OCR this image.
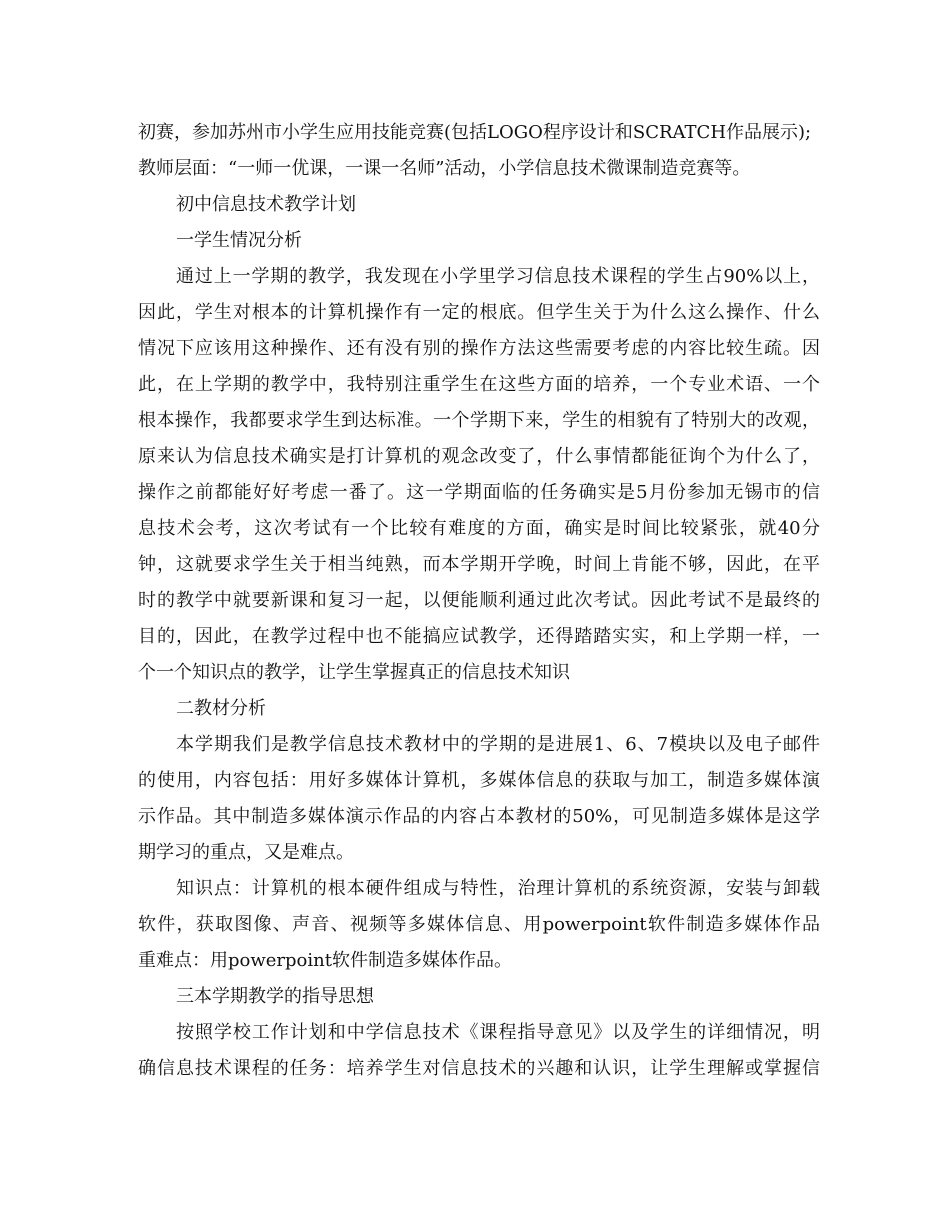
初赛，参加苏州市小学生应用技能竞赛(包括LOGO程序设计和SCRATCH作品展示);
教师层面：“一师一优课，一课一名师”活动，小学信息技术微课制造竞赛等。
初中信息技术教学计划
一学生情况分析
通过上一学期的教学，我发现在小学里学习信息技术课程的学生占90%以上，
因此，学生对根本的计算机操作有一定的根底。但学生关于为什么这么操作、什么
情况下应该用这种操作、还有没有别的操作方法这些需要考虑的内容比较生疏。因
此，在上学期的教学中，我特别注重学生在这些方面的培养，一个专业术语、一个
根本操作，我都要求学生到达标准。一个学期下来，学生的相貌有了特别大的改观，
原来认为信息技术确实是打计算机的观念改变了，什么事情都能征询个为什么了，
操作之前都能好好考虑一番了。这一学期面临的任务确实是5月份参加无锡市的信
息技术会考，这次考试有一个比较有难度的方面，确实是时间比较紧张，就40分
钟，这就要求学生关于相当纯熟，而本学期开学晚，时间上肯能不够，因此，在平
时的教学中就要新课和复习一起，以便能顺利通过此次考试。因此考试不是最终的
目的，因此，在教学过程中也不能搞应试教学，还得踏踏实实，和上学期一样，一
个一个知识点的教学，让学生掌握真正的信息技术知识
二教材分析
本学期我们是教学信息技术教材中的学期的是进展1、6、7模块以及电子邮件
的使用，内容包括：用好多媒体计算机，多媒体信息的获取与加工，制造多媒体演
示作品。其中制造多媒体演示作品的内容占本教材的50%，可见制造多媒体是这学
期学习的重点，又是难点。
知识点：计算机的根本硬件组成与特性，治理计算机的系统资源，安装与卸载
软件，获取图像、声音、视频等多媒体信息、用powerpoint软件制造多媒体作品
重难点：用powerpoint软件制造多媒体作品。
三本学期教学的指导思想
按照学校工作计划和中学信息技术《课程指导意见》以及学生的详细情况，明
确信息技术课程的任务：培养学生对信息技术的兴趣和认识，让学生理解或掌握信
